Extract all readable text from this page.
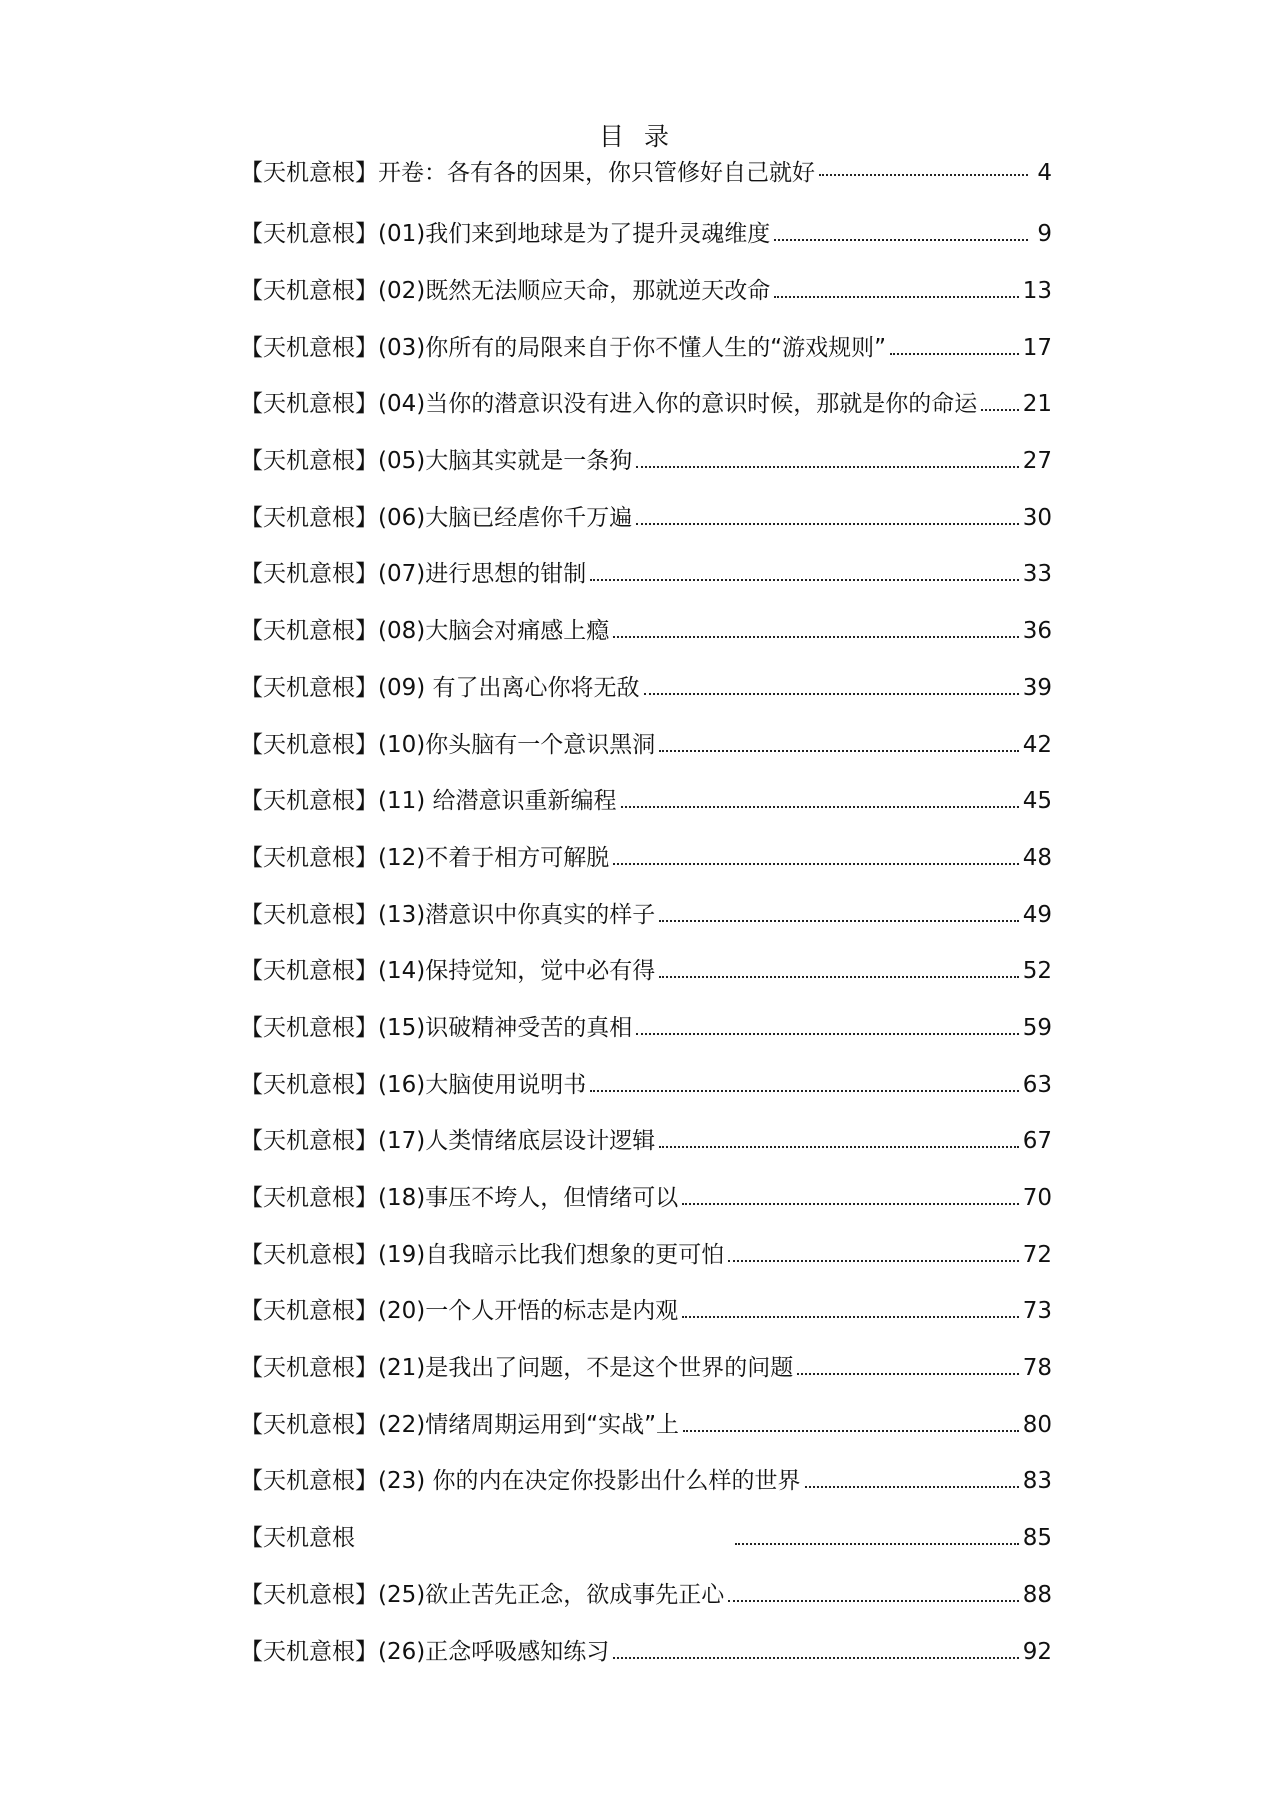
目 录
【天机意根】开卷：各有各的因果，你只管修好自己就好	4
【天机意根】(01)我们来到地球是为了提升灵魂维度	9
【天机意根】(02)既然无法顺应天命，那就逆天改命	13
【天机意根】(03)你所有的局限来自于你不懂人生的“游戏规则”	17
【天机意根】(04)当你的潜意识没有进入你的意识时候，那就是你的命运 21
【天机意根】(05)大脑其实就是一条狗	27
【天机意根】(06)大脑已经虐你千万遍	30
【天机意根】(07)进行思想的钳制	33
【天机意根】(08)大脑会对痛感上瘾	36
【天机意根】(09) 有了出离心你将无敌	39
【天机意根】(10)你头脑有一个意识黑洞	42
【天机意根】(11) 给潜意识重新编程	45
【天机意根】(12)不着于相方可解脱	48
【天机意根】(13)潜意识中你真实的样子	49
【天机意根】(14)保持觉知，觉中必有得	52
【天机意根】(15)识破精神受苦的真相	59
【天机意根】(16)大脑使用说明书	63
【天机意根】(17)人类情绪底层设计逻辑	67
【天机意根】(18)事压不垮人，但情绪可以	70
【天机意根】(19)自我暗示比我们想象的更可怕	72
【天机意根】(20)一个人开悟的标志是内观	73
【天机意根】(21)是我出了问题，不是这个世界的问题	78
【天机意根】(22)情绪周期运用到“实战”上	80
【天机意根】(23) 你的内在决定你投影出什么样的世界	83
【天机意根	85
【天机意根】(25)欲止苦先正念，欲成事先正心	88
【天机意根】(26)正念呼吸感知练习	92
